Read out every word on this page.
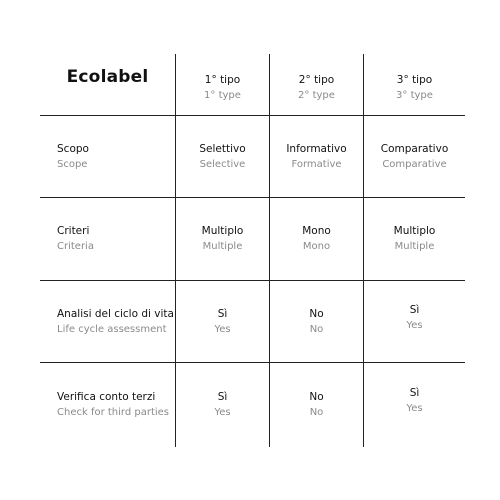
Ecolabel	1° tipo
1° type
2° tipo
2° type
3° tipo
3° type
Scopo
Scope
Selettivo
Selective
Informativo
Formative
Comparativo
Comparative
Criteri
Criteria
Multiplo
Multiple
Mono
Mono
Multiplo
Multiple
Analisi del ciclo di vita
Life cycle assessment
Sì
Yes
No
No
Sì
Yes
Verifica conto terzi
Check for third parties
Sì
Yes
No
No
Sì
Yes
